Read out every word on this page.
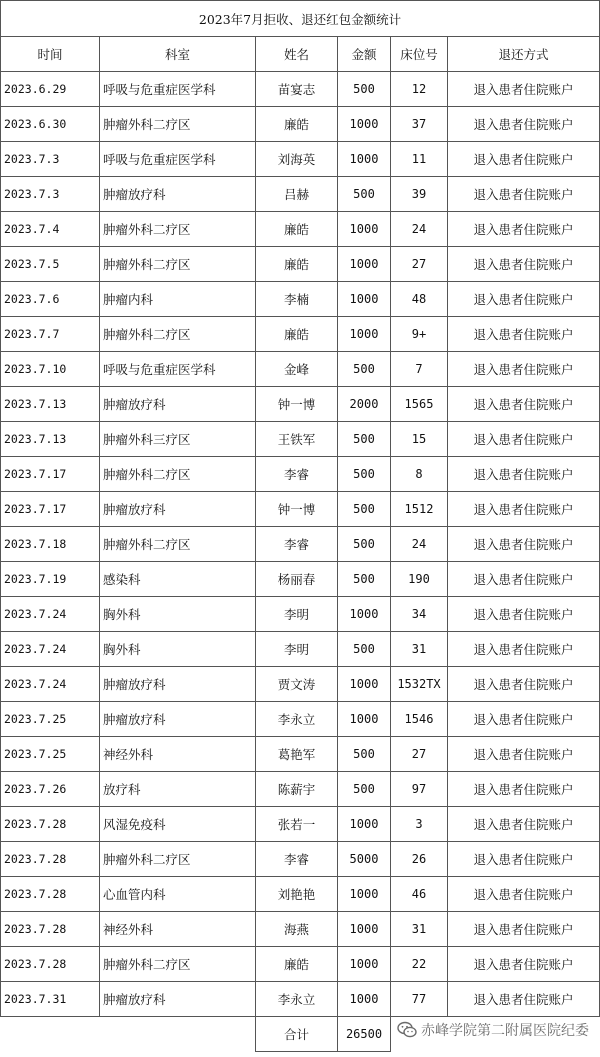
2023年7月拒收、退还红包金额统计					
时间	科室	姓名	金额	床位号	退还方式
2023.6.29	呼吸与危重症医学科	苗宴志	500	12	退入患者住院账户
2023.6.30	肿瘤外科二疗区	廉皓	1000	37	退入患者住院账户
2023.7.3	呼吸与危重症医学科	刘海英	1000	11	退入患者住院账户
2023.7.3	肿瘤放疗科	吕赫	500	39	退入患者住院账户
2023.7.4	肿瘤外科二疗区	廉皓	1000	24	退入患者住院账户
2023.7.5	肿瘤外科二疗区	廉皓	1000	27	退入患者住院账户
2023.7.6	肿瘤内科	李楠	1000	48	退入患者住院账户
2023.7.7	肿瘤外科二疗区	廉皓	1000	9+	退入患者住院账户
2023.7.10	呼吸与危重症医学科	金峰	500	7	退入患者住院账户
2023.7.13	肿瘤放疗科	钟一博	2000	1565	退入患者住院账户
2023.7.13	肿瘤外科三疗区	王铁军	500	15	退入患者住院账户
2023.7.17	肿瘤外科二疗区	李睿	500	8	退入患者住院账户
2023.7.17	肿瘤放疗科	钟一博	500	1512	退入患者住院账户
2023.7.18	肿瘤外科二疗区	李睿	500	24	退入患者住院账户
2023.7.19	感染科	杨丽春	500	190	退入患者住院账户
2023.7.24	胸外科	李明	1000	34	退入患者住院账户
2023.7.24	胸外科	李明	500	31	退入患者住院账户
2023.7.24	肿瘤放疗科	贾文涛	1000	1532TX	退入患者住院账户
2023.7.25	肿瘤放疗科	李永立	1000	1546	退入患者住院账户
2023.7.25	神经外科	葛艳军	500	27	退入患者住院账户
2023.7.26	放疗科	陈薪宇	500	97	退入患者住院账户
2023.7.28	风湿免疫科	张若一	1000	3	退入患者住院账户
2023.7.28	肿瘤外科二疗区	李睿	5000	26	退入患者住院账户
2023.7.28	心血管内科	刘艳艳	1000	46	退入患者住院账户
2023.7.28	神经外科	海燕	1000	31	退入患者住院账户
2023.7.28	肿瘤外科二疗区	廉皓	1000	22	退入患者住院账户
2023.7.31	肿瘤放疗科	李永立	1000	77	退入患者住院账户
		合计	26500			赤峰学院第二附属医院纪委
